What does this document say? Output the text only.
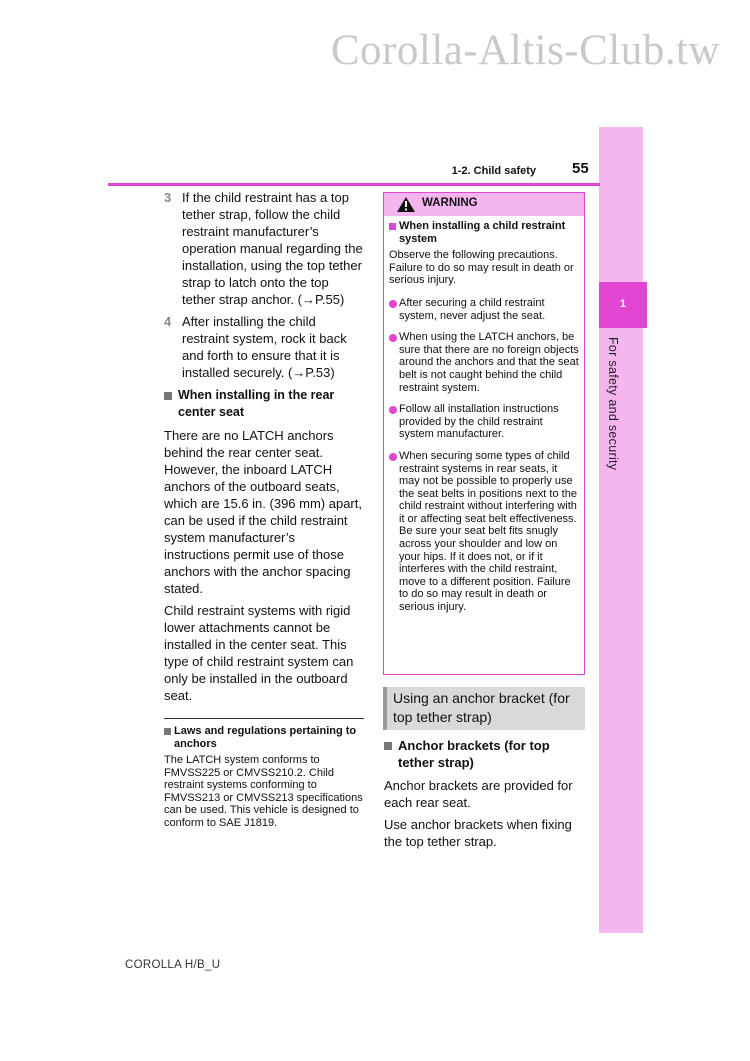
Corolla-Altis-Club.tw
1
For safety and security
1-2. Child safety 55
3 If the child restraint has a top tether strap, follow the child restraint manufacturer’s operation manual regarding the installation, using the top tether strap to latch onto the top tether strap anchor. (→P.55)
4 After installing the child restraint system, rock it back and forth to ensure that it is installed securely. (→P.53)
When installing in the rear center seat

There are no LATCH anchors behind the rear center seat. However, the inboard LATCH anchors of the outboard seats, which are 15.6 in. (396 mm) apart, can be used if the child restraint system manufacturer’s instructions permit use of those anchors with the anchor spacing stated.

Child restraint systems with rigid lower attachments cannot be installed in the center seat. This type of child restraint system can only be installed in the outboard seat.

Laws and regulations pertaining to anchors
The LATCH system conforms to FMVSS225 or CMVSS210.2. Child restraint systems conforming to FMVSS213 or CMVSS213 specifications can be used. This vehicle is designed to conform to SAE J1819.
WARNING
When installing a child restraint system
Observe the following precautions. Failure to do so may result in death or serious injury.
After securing a child restraint system, never adjust the seat.
When using the LATCH anchors, be sure that there are no foreign objects around the anchors and that the seat belt is not caught behind the child restraint system.
Follow all installation instructions provided by the child restraint system manufacturer.
When securing some types of child restraint systems in rear seats, it may not be possible to properly use the seat belts in positions next to the child restraint without interfering with it or affecting seat belt effectiveness. Be sure your seat belt fits snugly across your shoulder and low on your hips. If it does not, or if it interferes with the child restraint, move to a different position. Failure to do so may result in death or serious injury.
Using an anchor bracket (for top tether strap)
Anchor brackets (for top tether strap)

Anchor brackets are provided for each rear seat.

Use anchor brackets when fixing the top tether strap.

COROLLA H/B_U
